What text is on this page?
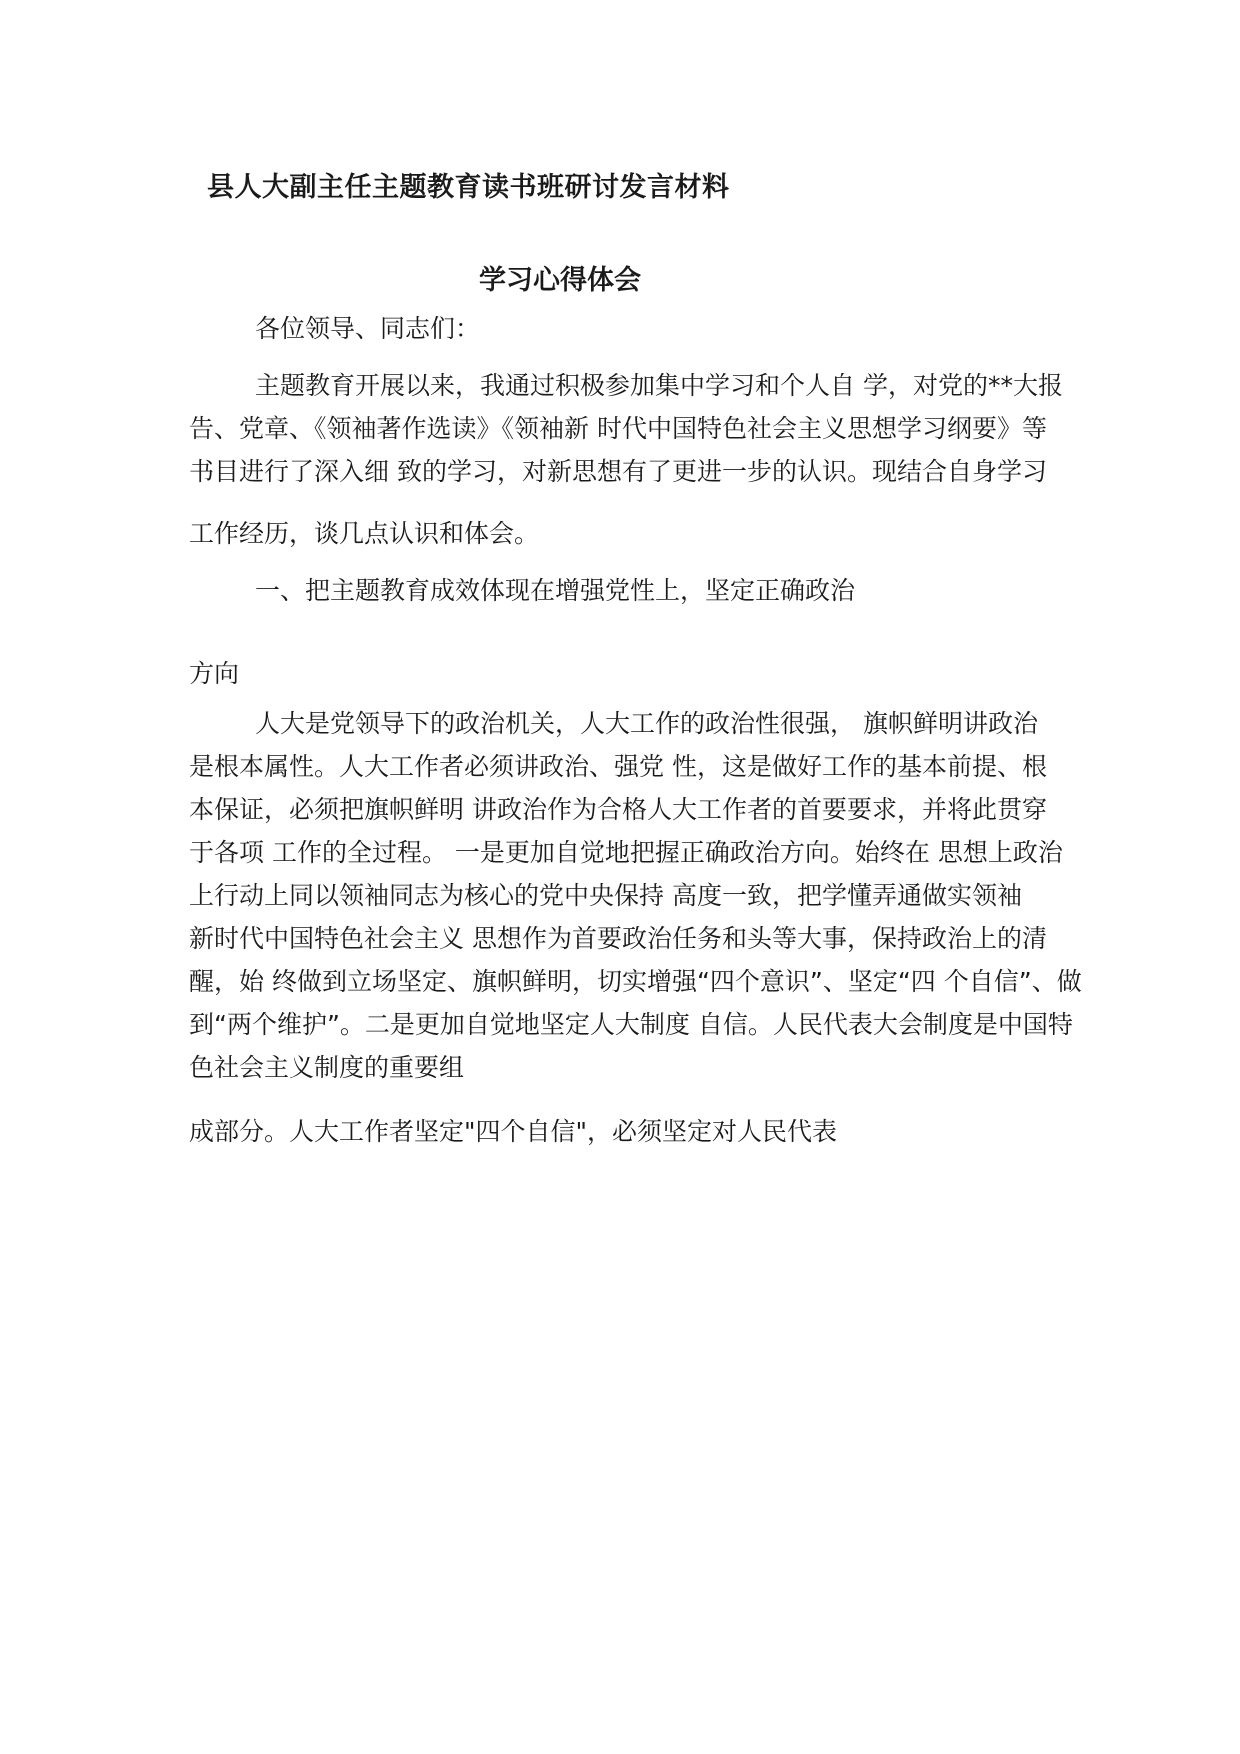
县人大副主任主题教育读书班研讨发言材料
学习心得体会
各位领导、同志们：
主题教育开展以来，我通过积极参加集中学习和个人自 学，对党的**大报
告、党章、《领袖著作选读》《领袖新 时代中国特色社会主义思想学习纲要》等
书目进行了深入细 致的学习，对新思想有了更进一步的认识。现结合自身学习
工作经历，谈几点认识和体会。
一、把主题教育成效体现在增强党性上，坚定正确政治
方向
人大是党领导下的政治机关，人大工作的政治性很强， 旗帜鲜明讲政治
是根本属性。人大工作者必须讲政治、强党 性，这是做好工作的基本前提、根
本保证，必须把旗帜鲜明 讲政治作为合格人大工作者的首要要求，并将此贯穿
于各项 工作的全过程。 一是更加自觉地把握正确政治方向。始终在 思想上政治
上行动上同以领袖同志为核心的党中央保持 高度一致，把学懂弄通做实领袖
新时代中国特色社会主义 思想作为首要政治任务和头等大事，保持政治上的清
醒，始 终做到立场坚定、旗帜鲜明，切实增强“四个意识”、坚定“四 个自信”、做
到“两个维护”。二是更加自觉地坚定人大制度 自信。人民代表大会制度是中国特
色社会主义制度的重要组
成部分。人大工作者坚定"四个自信"，必须坚定对人民代表
